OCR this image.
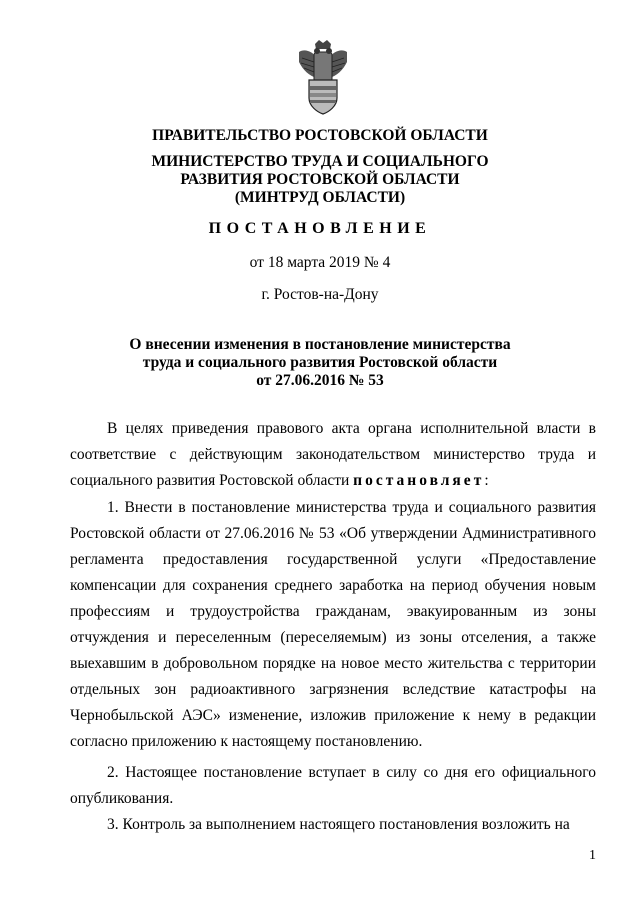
ПРАВИТЕЛЬСТВО РОСТОВСКОЙ ОБЛАСТИ
МИНИСТЕРСТВО ТРУДА И СОЦИАЛЬНОГО
РАЗВИТИЯ РОСТОВСКОЙ ОБЛАСТИ
(МИНТРУД ОБЛАСТИ)
ПОСТАНОВЛЕНИЕ
от 18 марта 2019 № 4
г. Ростов-на-Дону
О внесении изменения в постановление министерства
труда и социального развития Ростовской области
от 27.06.2016 № 53

В целях приведения правового акта органа исполнительной власти в соответствие с действующим законодательством министерство труда и социального развития Ростовской области постановляет:

1. Внести в постановление министерства труда и социального развития Ростовской области от 27.06.2016 № 53 «Об утверждении Административного регламента предоставления государственной услуги «Предоставление компенсации для сохранения среднего заработка на период обучения новым профессиям и трудоустройства гражданам, эвакуированным из зоны отчуждения и переселенным (переселяемым) из зоны отселения, а также выехавшим в добровольном порядке на новое место жительства с территории отдельных зон радиоактивного загрязнения вследствие катастрофы на Чернобыльской АЭС» изменение, изложив приложение к нему в редакции согласно приложению к настоящему постановлению.

2. Настоящее постановление вступает в силу со дня его официального опубликования.

3. Контроль за выполнением настоящего постановления возложить на

1
